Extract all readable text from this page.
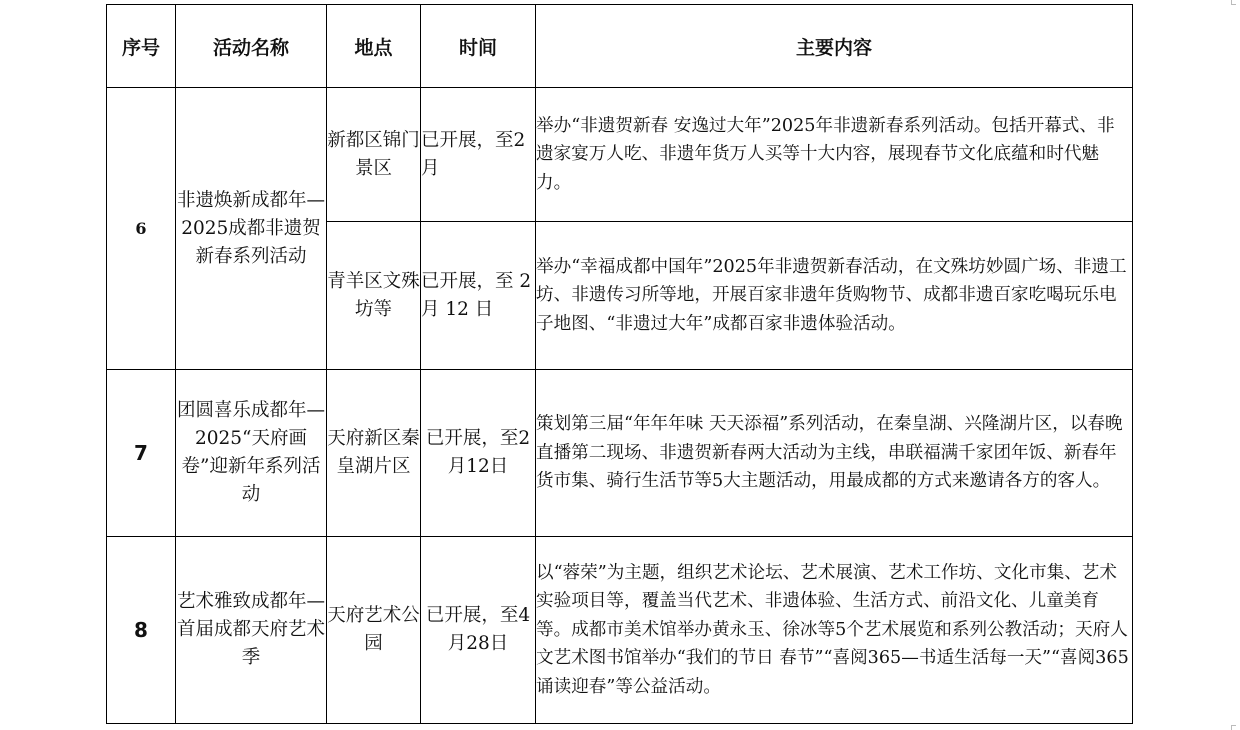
序号	活动名称	地点	时间	主要内容
6	非遗焕新成都年—2025成都非遗贺新春系列活动	新都区锦门景区	已开展，至2月	举办“非遗贺新春 安逸过大年”2025年非遗新春系列活动。包括开幕式、非遗家宴万人吃、非遗年货万人买等十大内容，展现春节文化底蕴和时代魅力。
		青羊区文殊坊等	已开展，至 2 月 12 日	举办“幸福成都中国年”2025年非遗贺新春活动，在文殊坊妙圆广场、非遗工坊、非遗传习所等地，开展百家非遗年货购物节、成都非遗百家吃喝玩乐电子地图、“非遗过大年”成都百家非遗体验活动。
7	团圆喜乐成都年—2025“天府画卷”迎新年系列活动	天府新区秦皇湖片区	已开展，至2月12日	策划第三届“年年年味 天天添福”系列活动，在秦皇湖、兴隆湖片区，以春晚直播第二现场、非遗贺新春两大活动为主线，串联福满千家团年饭、新春年货市集、骑行生活节等5大主题活动，用最成都的方式来邀请各方的客人。
8	艺术雅致成都年—首届成都天府艺术季	天府艺术公园	已开展，至4月28日	以“蓉荣”为主题，组织艺术论坛、艺术展演、艺术工作坊、文化市集、艺术实验项目等，覆盖当代艺术、非遗体验、生活方式、前沿文化、儿童美育等。成都市美术馆举办黄永玉、徐冰等5个艺术展览和系列公教活动；天府人文艺术图书馆举办“我们的节日 春节”“喜阅365—书适生活每一天”“喜阅365诵读迎春”等公益活动。
